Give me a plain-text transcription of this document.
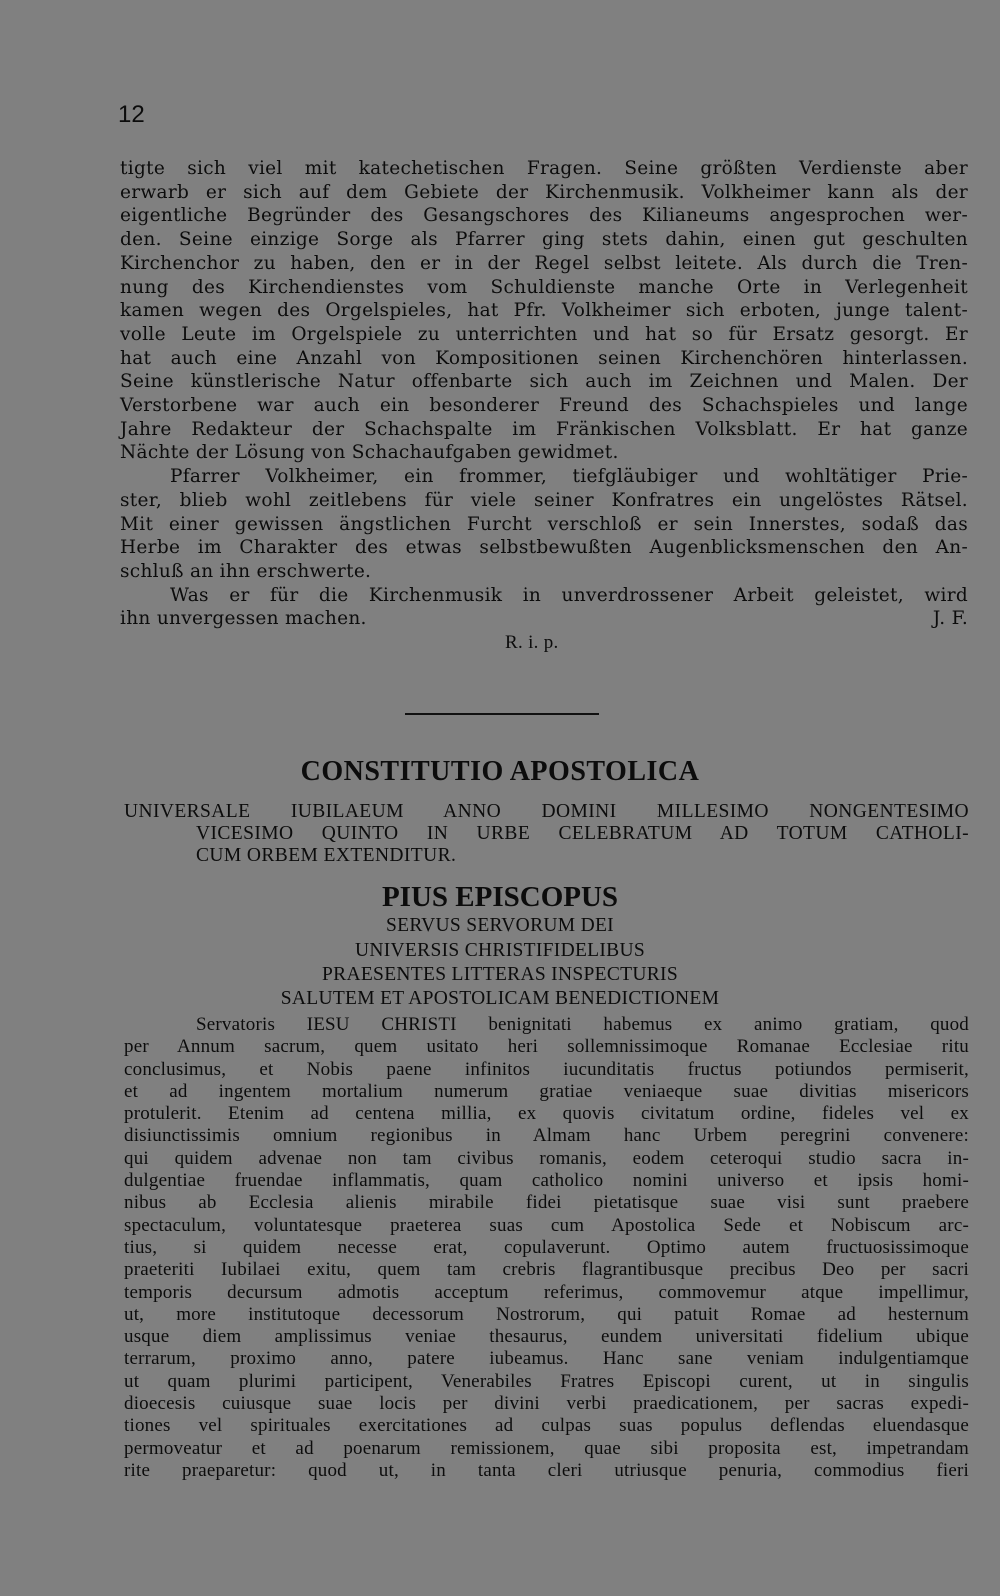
12
tigte sich viel mit katechetischen Fragen. Seine größten Verdienste aber
erwarb er sich auf dem Gebiete der Kirchenmusik. Volkheimer kann als der
eigentliche Begründer des Gesangschores des Kilianeums angesprochen wer-
den. Seine einzige Sorge als Pfarrer ging stets dahin, einen gut geschulten
Kirchenchor zu haben, den er in der Regel selbst leitete. Als durch die Tren-
nung des Kirchendienstes vom Schuldienste manche Orte in Verlegenheit
kamen wegen des Orgelspieles, hat Pfr. Volkheimer sich erboten, junge talent-
volle Leute im Orgelspiele zu unterrichten und hat so für Ersatz gesorgt. Er
hat auch eine Anzahl von Kompositionen seinen Kirchenchören hinterlassen.
Seine künstlerische Natur offenbarte sich auch im Zeichnen und Malen. Der
Verstorbene war auch ein besonderer Freund des Schachspieles und lange
Jahre Redakteur der Schachspalte im Fränkischen Volksblatt. Er hat ganze
Nächte der Lösung von Schachaufgaben gewidmet.
Pfarrer Volkheimer, ein frommer, tiefgläubiger und wohltätiger Prie-
ster, blieb wohl zeitlebens für viele seiner Konfratres ein ungelöstes Rätsel.
Mit einer gewissen ängstlichen Furcht verschloß er sein Innerstes, sodaß das
Herbe im Charakter des etwas selbstbewußten Augenblicksmenschen den An-
schluß an ihn erschwerte.
Was er für die Kirchenmusik in unverdrossener Arbeit geleistet, wird
ihn unvergessen machen.	J. F.
R. i. p.
CONSTITUTIO APOSTOLICA
UNIVERSALE IUBILAEUM ANNO DOMINI MILLESIMO NONGENTESIMO
VICESIMO QUINTO IN URBE CELEBRATUM AD TOTUM CATHOLI-
CUM ORBEM EXTENDITUR.
PIUS EPISCOPUS
SERVUS SERVORUM DEI
UNIVERSIS CHRISTIFIDELIBUS
PRAESENTES LITTERAS INSPECTURIS
SALUTEM ET APOSTOLICAM BENEDICTIONEM
Servatoris IESU CHRISTI benignitati habemus ex animo gratiam, quod
per Annum sacrum, quem usitato heri sollemnissimoque Romanae Ecclesiae ritu
conclusimus, et Nobis paene infinitos iucunditatis fructus potiundos permiserit,
et ad ingentem mortalium numerum gratiae veniaeque suae divitias misericors
protulerit. Etenim ad centena millia, ex quovis civitatum ordine, fideles vel ex
disiunctissimis omnium regionibus in Almam hanc Urbem peregrini convenere:
qui quidem advenae non tam civibus romanis, eodem ceteroqui studio sacra in-
dulgentiae fruendae inflammatis, quam catholico nomini universo et ipsis homi-
nibus ab Ecclesia alienis mirabile fidei pietatisque suae visi sunt praebere
spectaculum, voluntatesque praeterea suas cum Apostolica Sede et Nobiscum arc-
tius, si quidem necesse erat, copulaverunt. Optimo autem fructuosissimoque
praeteriti Iubilaei exitu, quem tam crebris flagrantibusque precibus Deo per sacri
temporis decursum admotis acceptum referimus, commovemur atque impellimur,
ut, more institutoque decessorum Nostrorum, qui patuit Romae ad hesternum
usque diem amplissimus veniae thesaurus, eundem universitati fidelium ubique
terrarum, proximo anno, patere iubeamus. Hanc sane veniam indulgentiamque
ut quam plurimi participent, Venerabiles Fratres Episcopi curent, ut in singulis
dioecesis cuiusque suae locis per divini verbi praedicationem, per sacras expedi-
tiones vel spirituales exercitationes ad culpas suas populus deflendas eluendasque
permoveatur et ad poenarum remissionem, quae sibi proposita est, impetrandam
rite praeparetur: quod ut, in tanta cleri utriusque penuria, commodius fieri
